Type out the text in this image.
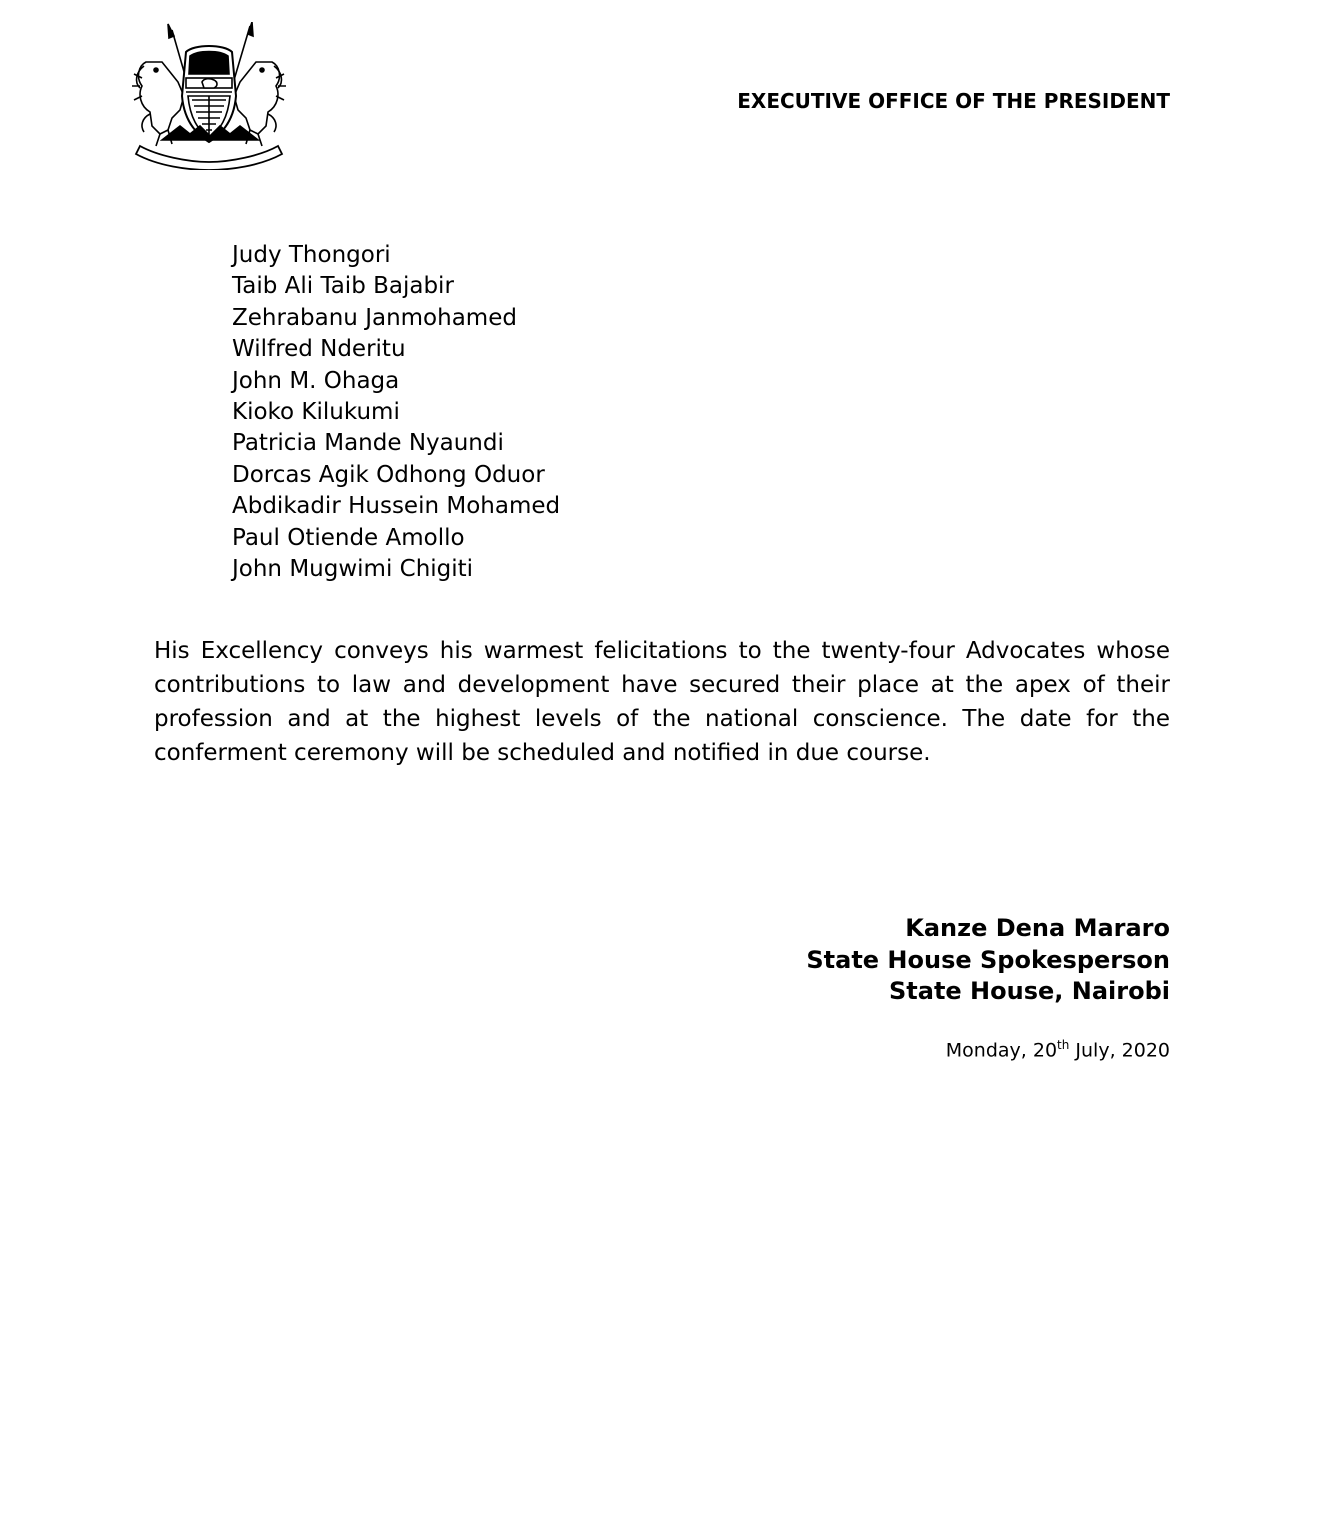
EXECUTIVE OFFICE OF THE PRESIDENT
Judy Thongori
Taib Ali Taib Bajabir
Zehrabanu Janmohamed
Wilfred Nderitu
John M. Ohaga
Kioko Kilukumi
Patricia Mande Nyaundi
Dorcas Agik Odhong Oduor
Abdikadir Hussein Mohamed
Paul Otiende Amollo
John Mugwimi Chigiti

His Excellency conveys his warmest felicitations to the twenty-four Advocates whose contributions to law and development have secured their place at the apex of their profession and at the highest levels of the national conscience. The date for the conferment ceremony will be scheduled and notified in due course.

Kanze Dena Mararo
State House Spokesperson
State House, Nairobi
Monday, 20th July, 2020
